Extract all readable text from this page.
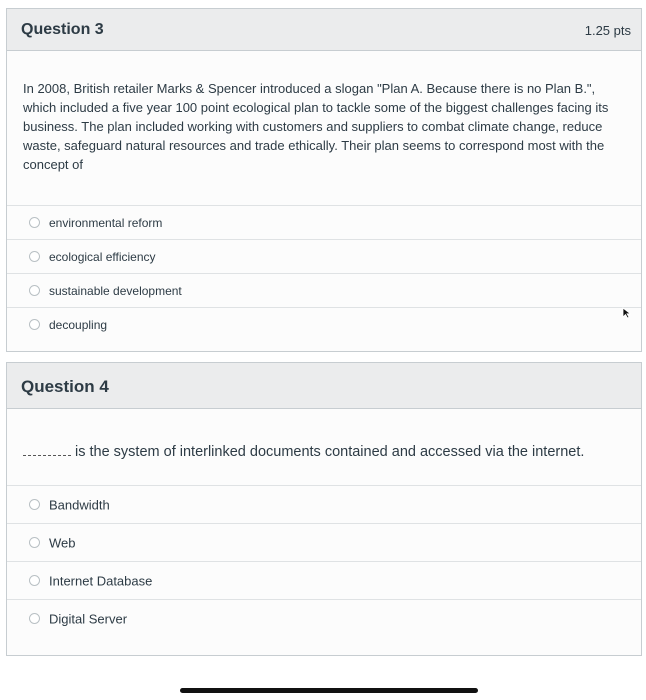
Question 3	1.25 pts
In 2008, British retailer Marks & Spencer introduced a slogan "Plan A. Because there is no Plan B.", which included a five year 100 point ecological plan to tackle some of the biggest challenges facing its business. The plan included working with customers and suppliers to combat climate change, reduce waste, safeguard natural resources and trade ethically. Their plan seems to correspond most with the concept of
environmental reform
ecological efficiency
sustainable development
decoupling
Question 4
is the system of interlinked documents contained and accessed via the internet.
Bandwidth
Web
Internet Database
Digital Server
